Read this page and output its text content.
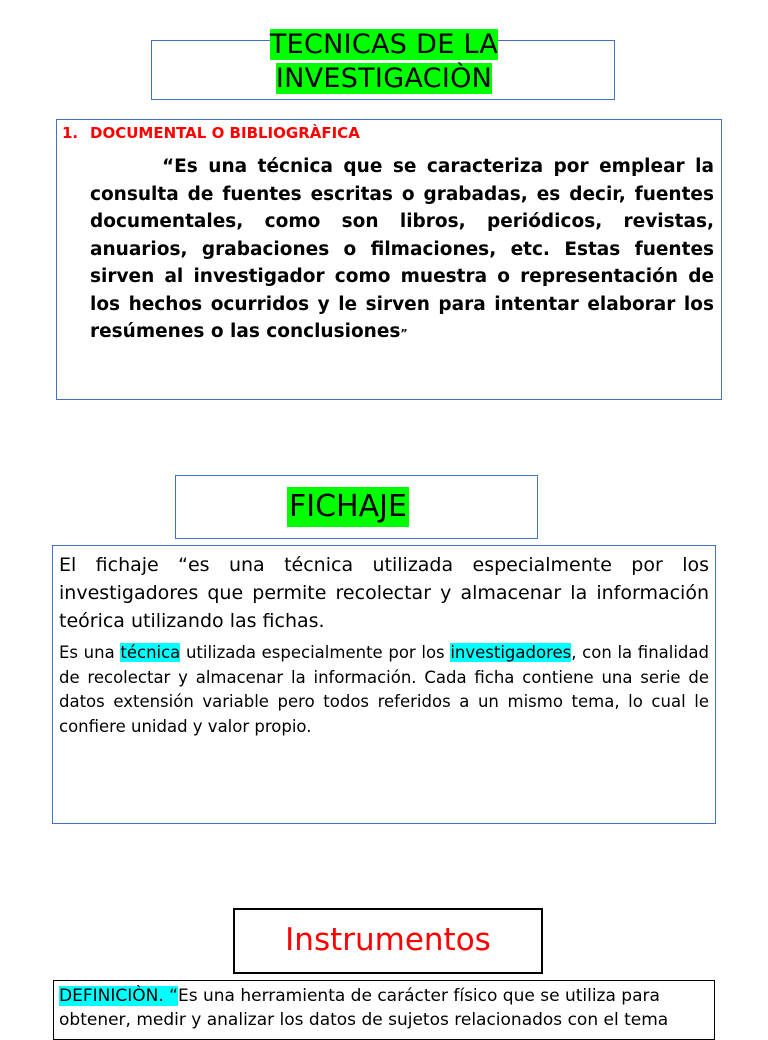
TECNICAS DE LA
INVESTIGACIÒN
1. DOCUMENTAL O BIBLIOGRÀFICA
“Es una técnica que se caracteriza por emplear la consulta de fuentes escritas o grabadas, es decir, fuentes documentales, como son libros, periódicos, revistas, anuarios, grabaciones o filmaciones, etc. Estas fuentes sirven al investigador como muestra o representación de los hechos ocurridos y le sirven para intentar elaborar los resúmenes o las conclusiones”
FICHAJE
El fichaje “es una técnica utilizada especialmente por los investigadores que permite recolectar y almacenar la información teórica utilizando las fichas.
Es una técnica utilizada especialmente por los investigadores, con la finalidad de recolectar y almacenar la información. Cada ficha contiene una serie de datos extensión variable pero todos referidos a un mismo tema, lo cual le confiere unidad y valor propio.
Instrumentos
DEFINICIÒN. “Es una herramienta de carácter físico que se utiliza para obtener, medir y analizar los datos de sujetos relacionados con el tema
